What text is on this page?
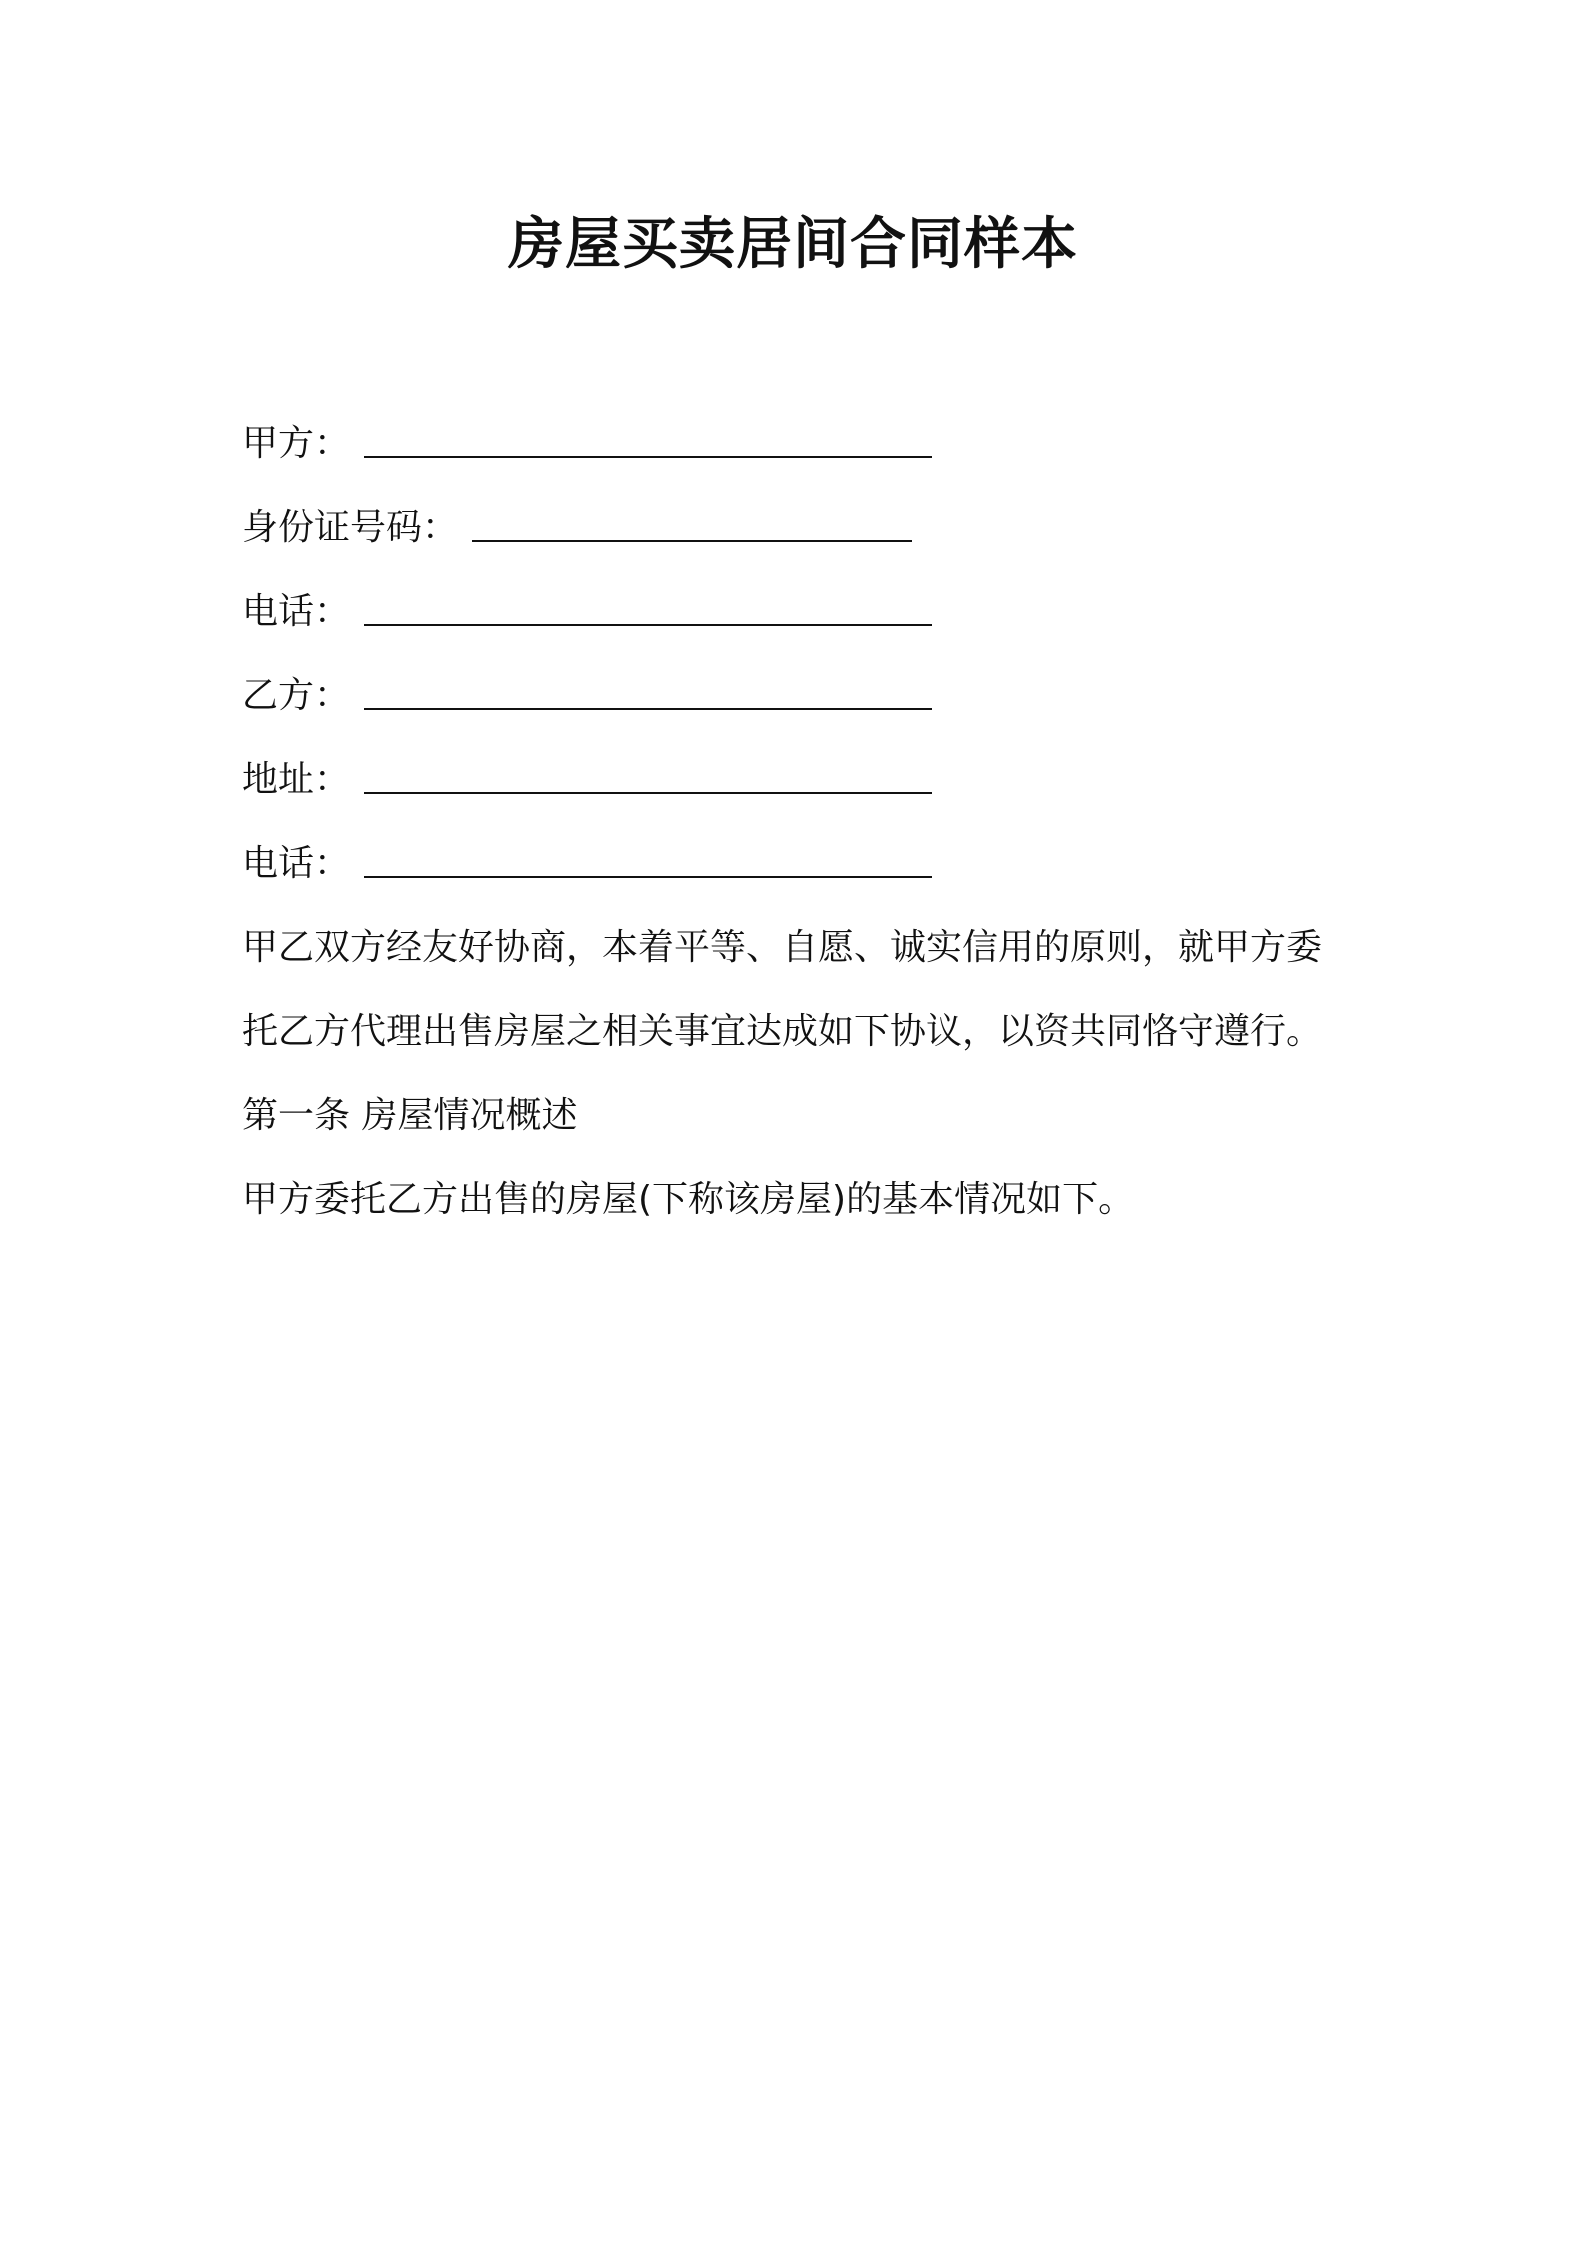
房屋买卖居间合同样本
甲方：
身份证号码：
电话：
乙方：
地址：
电话：
甲乙双方经友好协商，本着平等、自愿、诚实信用的原则，就甲方委
托乙方代理出售房屋之相关事宜达成如下协议，以资共同恪守遵行。
第一条 房屋情况概述
甲方委托乙方出售的房屋(下称该房屋)的基本情况如下。
